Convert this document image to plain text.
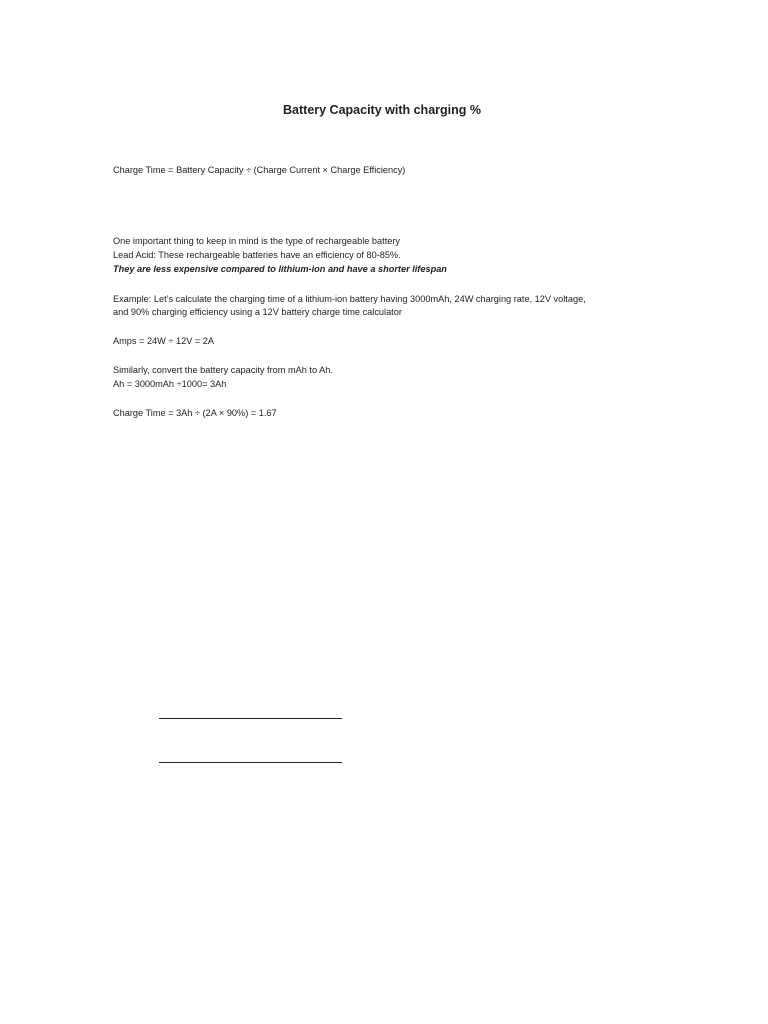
Battery Capacity with charging %
Charge Time = Battery Capacity ÷ (Charge Current × Charge Efficiency)
One important thing to keep in mind is the type of rechargeable battery
Lead Acid: These rechargeable batteries have an efficiency of 80-85%.
They are less expensive compared to lithium-ion and have a shorter lifespan
Example: Let’s calculate the charging time of a lithium-ion battery having 3000mAh, 24W charging rate, 12V voltage,
and 90% charging efficiency using a 12V battery charge time calculator
Amps = 24W ÷ 12V = 2A
Similarly, convert the battery capacity from mAh to Ah.
Ah = 3000mAh ÷1000= 3Ah
Charge Time = 3Ah ÷ (2A × 90%) = 1.67
